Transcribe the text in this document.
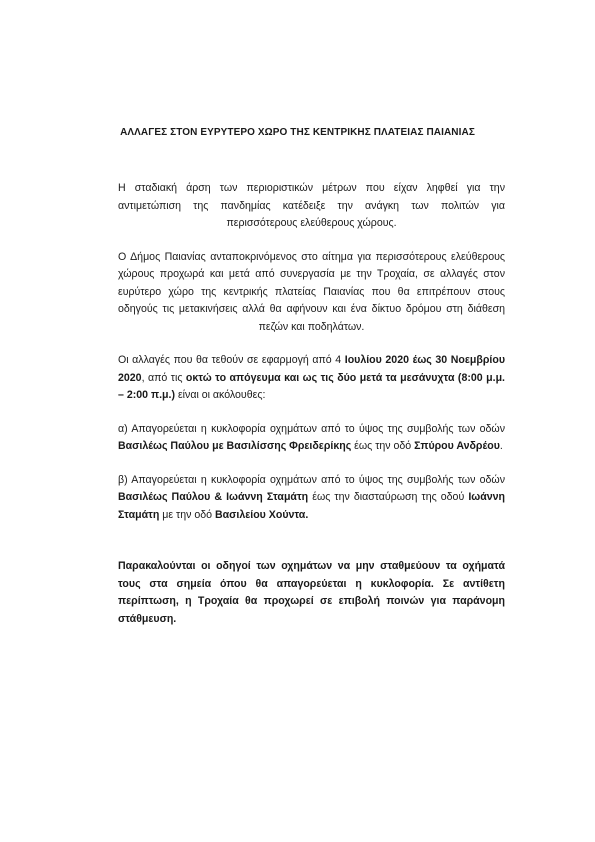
ΑΛΛΑΓΕΣ ΣΤΟΝ ΕΥΡΥΤΕΡΟ ΧΩΡΟ ΤΗΣ ΚΕΝΤΡΙΚΗΣ ΠΛΑΤΕΙΑΣ ΠΑΙΑΝΙΑΣ

Η σταδιακή άρση των περιοριστικών μέτρων που είχαν ληφθεί για την αντιμετώπιση της πανδημίας κατέδειξε την ανάγκη των πολιτών για περισσότερους ελεύθερους χώρους.

Ο Δήμος Παιανίας ανταποκρινόμενος στο αίτημα για περισσότερους ελεύθερους χώρους προχωρά και μετά από συνεργασία με την Τροχαία, σε αλλαγές στον ευρύτερο χώρο της κεντρικής πλατείας Παιανίας που θα επιτρέπουν στους οδηγούς τις μετακινήσεις αλλά θα αφήνουν και ένα δίκτυο δρόμου στη διάθεση πεζών και ποδηλάτων.

Οι αλλαγές που θα τεθούν σε εφαρμογή από 4 Ιουλίου 2020 έως 30 Νοεμβρίου 2020, από τις οκτώ το απόγευμα και ως τις δύο μετά τα μεσάνυχτα (8:00 μ.μ. – 2:00 π.μ.) είναι οι ακόλουθες:

α) Απαγορεύεται η κυκλοφορία οχημάτων από το ύψος της συμβολής των οδών Βασιλέως Παύλου με Βασιλίσσης Φρειδερίκης έως την οδό Σπύρου Ανδρέου.

β) Απαγορεύεται η κυκλοφορία οχημάτων από το ύψος της συμβολής των οδών Βασιλέως Παύλου & Ιωάννη Σταμάτη έως την διασταύρωση της οδού Ιωάννη Σταμάτη με την οδό Βασιλείου Χούντα.

Παρακαλούνται οι οδηγοί των οχημάτων να μην σταθμεύουν τα οχήματά τους στα σημεία όπου θα απαγορεύεται η κυκλοφορία. Σε αντίθετη περίπτωση, η Τροχαία θα προχωρεί σε επιβολή ποινών για παράνομη στάθμευση.
